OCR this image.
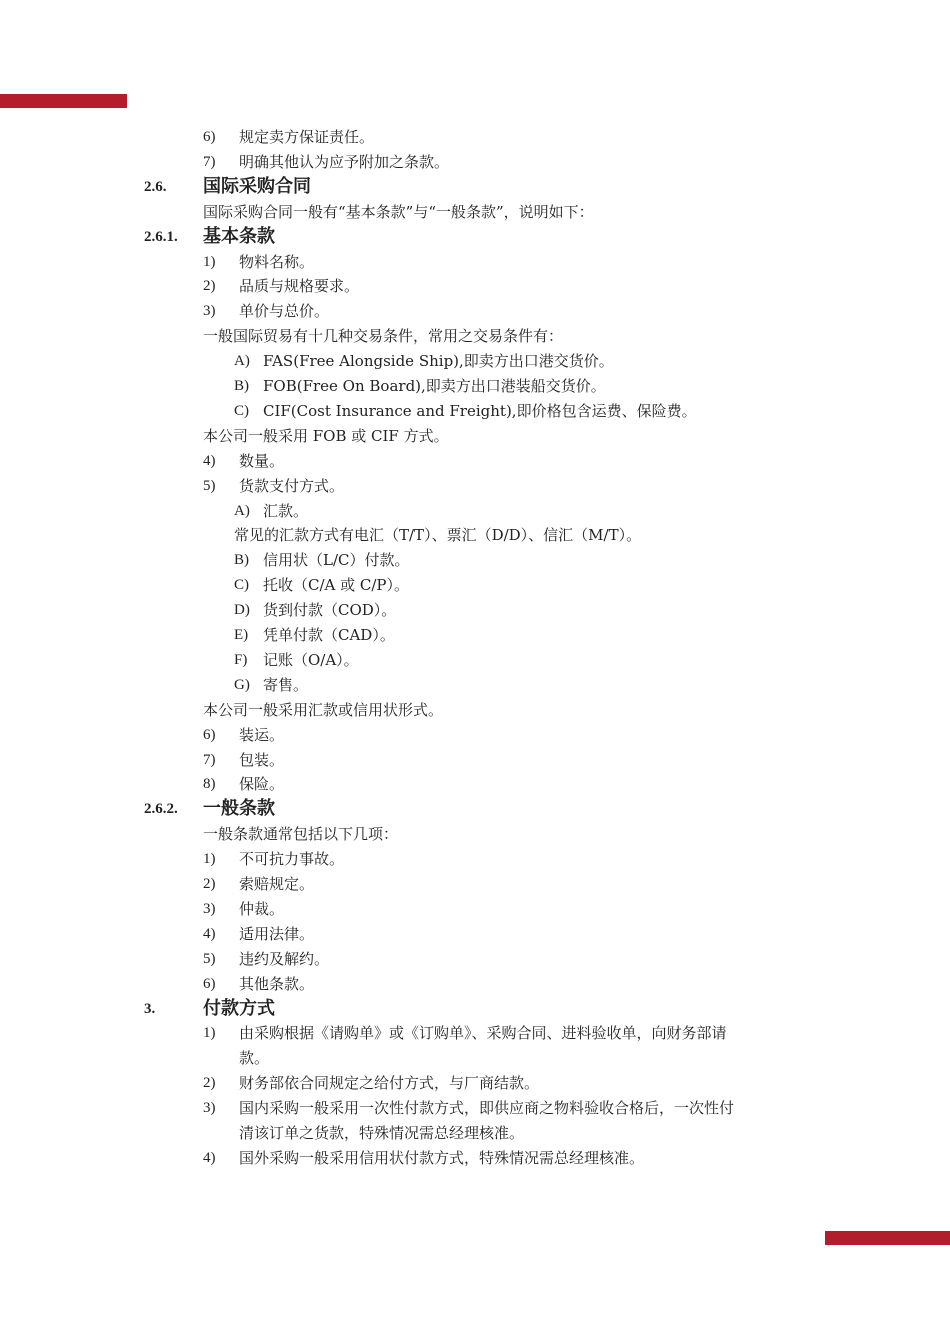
6) 规定卖方保证责任。
7) 明确其他认为应予附加之条款。
2.6. 国际采购合同
国际采购合同一般有“基本条款”与“一般条款”，说明如下：
2.6.1. 基本条款
1) 物料名称。
2) 品质与规格要求。
3) 单价与总价。
一般国际贸易有十几种交易条件，常用之交易条件有：
A) FAS(Free Alongside Ship),即卖方出口港交货价。
B) FOB(Free On Board),即卖方出口港装船交货价。
C) CIF(Cost Insurance and Freight),即价格包含运费、保险费。
本公司一般采用 FOB 或 CIF 方式。
4) 数量。
5) 货款支付方式。
A) 汇款。
常见的汇款方式有电汇（T/T）、票汇（D/D）、信汇（M/T）。
B) 信用状（L/C）付款。
C) 托收（C/A 或 C/P）。
D) 货到付款（COD）。
E) 凭单付款（CAD）。
F) 记账（O/A）。
G) 寄售。
本公司一般采用汇款或信用状形式。
6) 装运。
7) 包装。
8) 保险。
2.6.2. 一般条款
一般条款通常包括以下几项：
1) 不可抗力事故。
2) 索赔规定。
3) 仲裁。
4) 适用法律。
5) 违约及解约。
6) 其他条款。
3.	付款方式
1) 由采购根据《请购单》或《订购单》、采购合同、进料验收单，向财务部请
款。
2) 财务部依合同规定之给付方式，与厂商结款。
3) 国内采购一般采用一次性付款方式，即供应商之物料验收合格后，一次性付
清该订单之货款，特殊情况需总经理核准。
4) 国外采购一般采用信用状付款方式，特殊情况需总经理核准。
